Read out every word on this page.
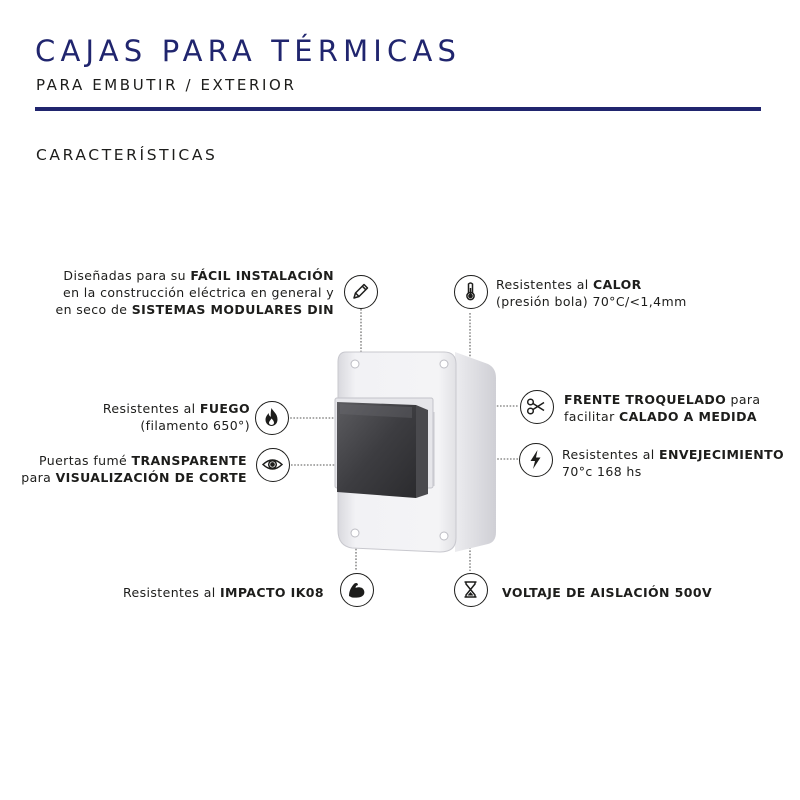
CAJAS PARA TÉRMICAS
PARA EMBUTIR / EXTERIOR
CARACTERÍSTICAS
Diseñadas para su FÁCIL INSTALACIÓN
en la construcción eléctrica en general y
en seco de SISTEMAS MODULARES DIN
Resistentes al CALOR
(presión bola) 70°C/<1,4mm
Resistentes al FUEGO
(filamento 650°)
FRENTE TROQUELADO para
facilitar CALADO A MEDIDA
Puertas fumé TRANSPARENTE
para VISUALIZACIÓN DE CORTE
Resistentes al ENVEJECIMIENTO
70°c 168 hs
Resistentes al IMPACTO IK08	VOLTAJE DE AISLACIÓN 500V
